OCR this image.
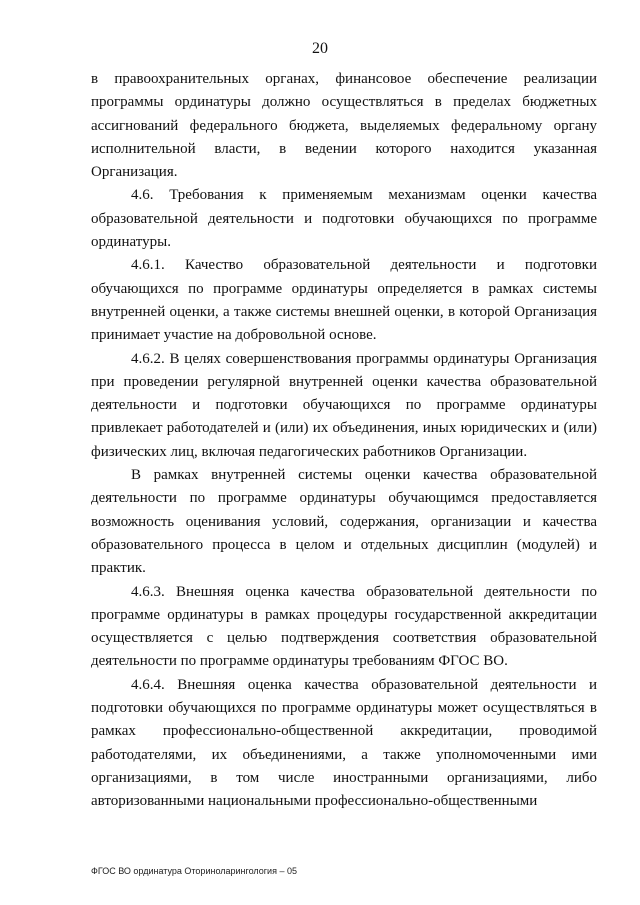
20

в правоохранительных органах, финансовое обеспечение реализации программы ординатуры должно осуществляться в пределах бюджетных ассигнований федерального бюджета, выделяемых федеральному органу исполнительной власти, в ведении которого находится указанная Организация.

4.6. Требования к применяемым механизмам оценки качества образовательной деятельности и подготовки обучающихся по программе ординатуры.

4.6.1. Качество образовательной деятельности и подготовки обучающихся по программе ординатуры определяется в рамках системы внутренней оценки, а также системы внешней оценки, в которой Организация принимает участие на добровольной основе.

4.6.2. В целях совершенствования программы ординатуры Организация при проведении регулярной внутренней оценки качества образовательной деятельности и подготовки обучающихся по программе ординатуры привлекает работодателей и (или) их объединения, иных юридических и (или) физических лиц, включая педагогических работников Организации.

В рамках внутренней системы оценки качества образовательной деятельности по программе ординатуры обучающимся предоставляется возможность оценивания условий, содержания, организации и качества образовательного процесса в целом и отдельных дисциплин (модулей) и практик.

4.6.3. Внешняя оценка качества образовательной деятельности по программе ординатуры в рамках процедуры государственной аккредитации осуществляется с целью подтверждения соответствия образовательной деятельности по программе ординатуры требованиям ФГОС ВО.

4.6.4. Внешняя оценка качества образовательной деятельности и подготовки обучающихся по программе ординатуры может осуществляться в рамках профессионально-общественной аккредитации, проводимой работодателями, их объединениями, а также уполномоченными ими организациями, в том числе иностранными организациями, либо авторизованными национальными профессионально-общественными

ФГОС ВО ординатура Оториноларингология – 05
